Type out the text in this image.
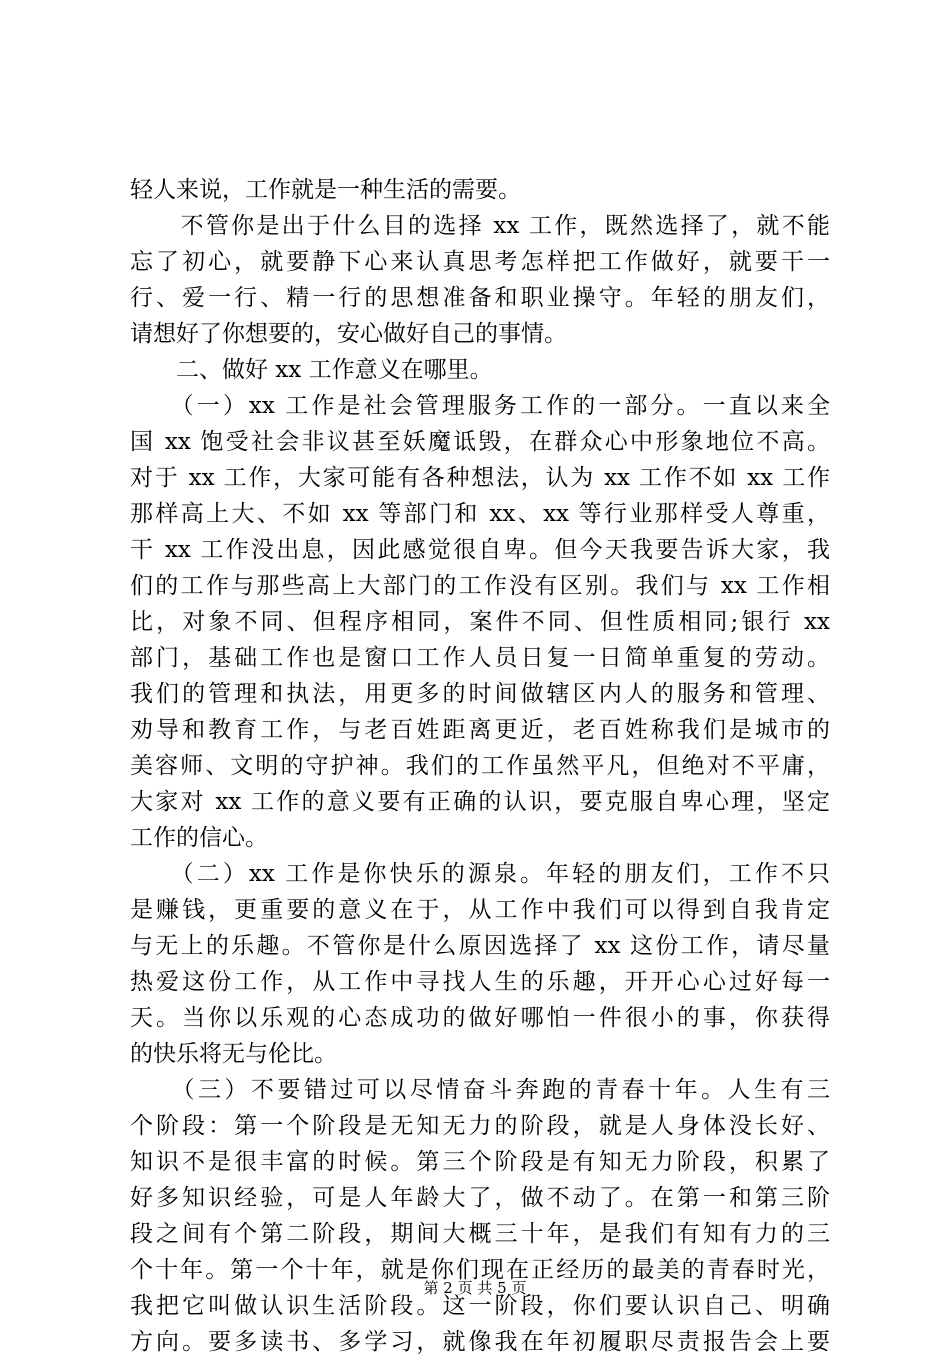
轻人来说，工作就是一种生活的需要。
　　不管你是出于什么目的选择 xx 工作，既然选择了，就不能
忘了初心，就要静下心来认真思考怎样把工作做好，就要干一
行、爱一行、精一行的思想准备和职业操守。年轻的朋友们，
请想好了你想要的，安心做好自己的事情。
　　二、做好 xx 工作意义在哪里。
　　（一）xx 工作是社会管理服务工作的一部分。一直以来全
国 xx 饱受社会非议甚至妖魔诋毁，在群众心中形象地位不高。
对于 xx 工作，大家可能有各种想法，认为 xx 工作不如 xx 工作
那样高上大、不如 xx 等部门和 xx、xx 等行业那样受人尊重，
干 xx 工作没出息，因此感觉很自卑。但今天我要告诉大家，我
们的工作与那些高上大部门的工作没有区别。我们与 xx 工作相
比，对象不同、但程序相同，案件不同、但性质相同;银行 xx
部门，基础工作也是窗口工作人员日复一日简单重复的劳动。
我们的管理和执法，用更多的时间做辖区内人的服务和管理、
劝导和教育工作，与老百姓距离更近，老百姓称我们是城市的
美容师、文明的守护神。我们的工作虽然平凡，但绝对不平庸，
大家对 xx 工作的意义要有正确的认识，要克服自卑心理，坚定
工作的信心。
　　（二）xx 工作是你快乐的源泉。年轻的朋友们，工作不只
是赚钱，更重要的意义在于，从工作中我们可以得到自我肯定
与无上的乐趣。不管你是什么原因选择了 xx 这份工作，请尽量
热爱这份工作，从工作中寻找人生的乐趣，开开心心过好每一
天。当你以乐观的心态成功的做好哪怕一件很小的事，你获得
的快乐将无与伦比。
　　（三）不要错过可以尽情奋斗奔跑的青春十年。人生有三
个阶段：第一个阶段是无知无力的阶段，就是人身体没长好、
知识不是很丰富的时候。第三个阶段是有知无力阶段，积累了
好多知识经验，可是人年龄大了，做不动了。在第一和第三阶
段之间有个第二阶段，期间大概三十年，是我们有知有力的三
个十年。第一个十年，就是你们现在正经历的最美的青春时光，
我把它叫做认识生活阶段。这一阶段，你们要认识自己、明确
方向。要多读书、多学习，就像我在年初履职尽责报告会上要
第 2 页 共 5 页
